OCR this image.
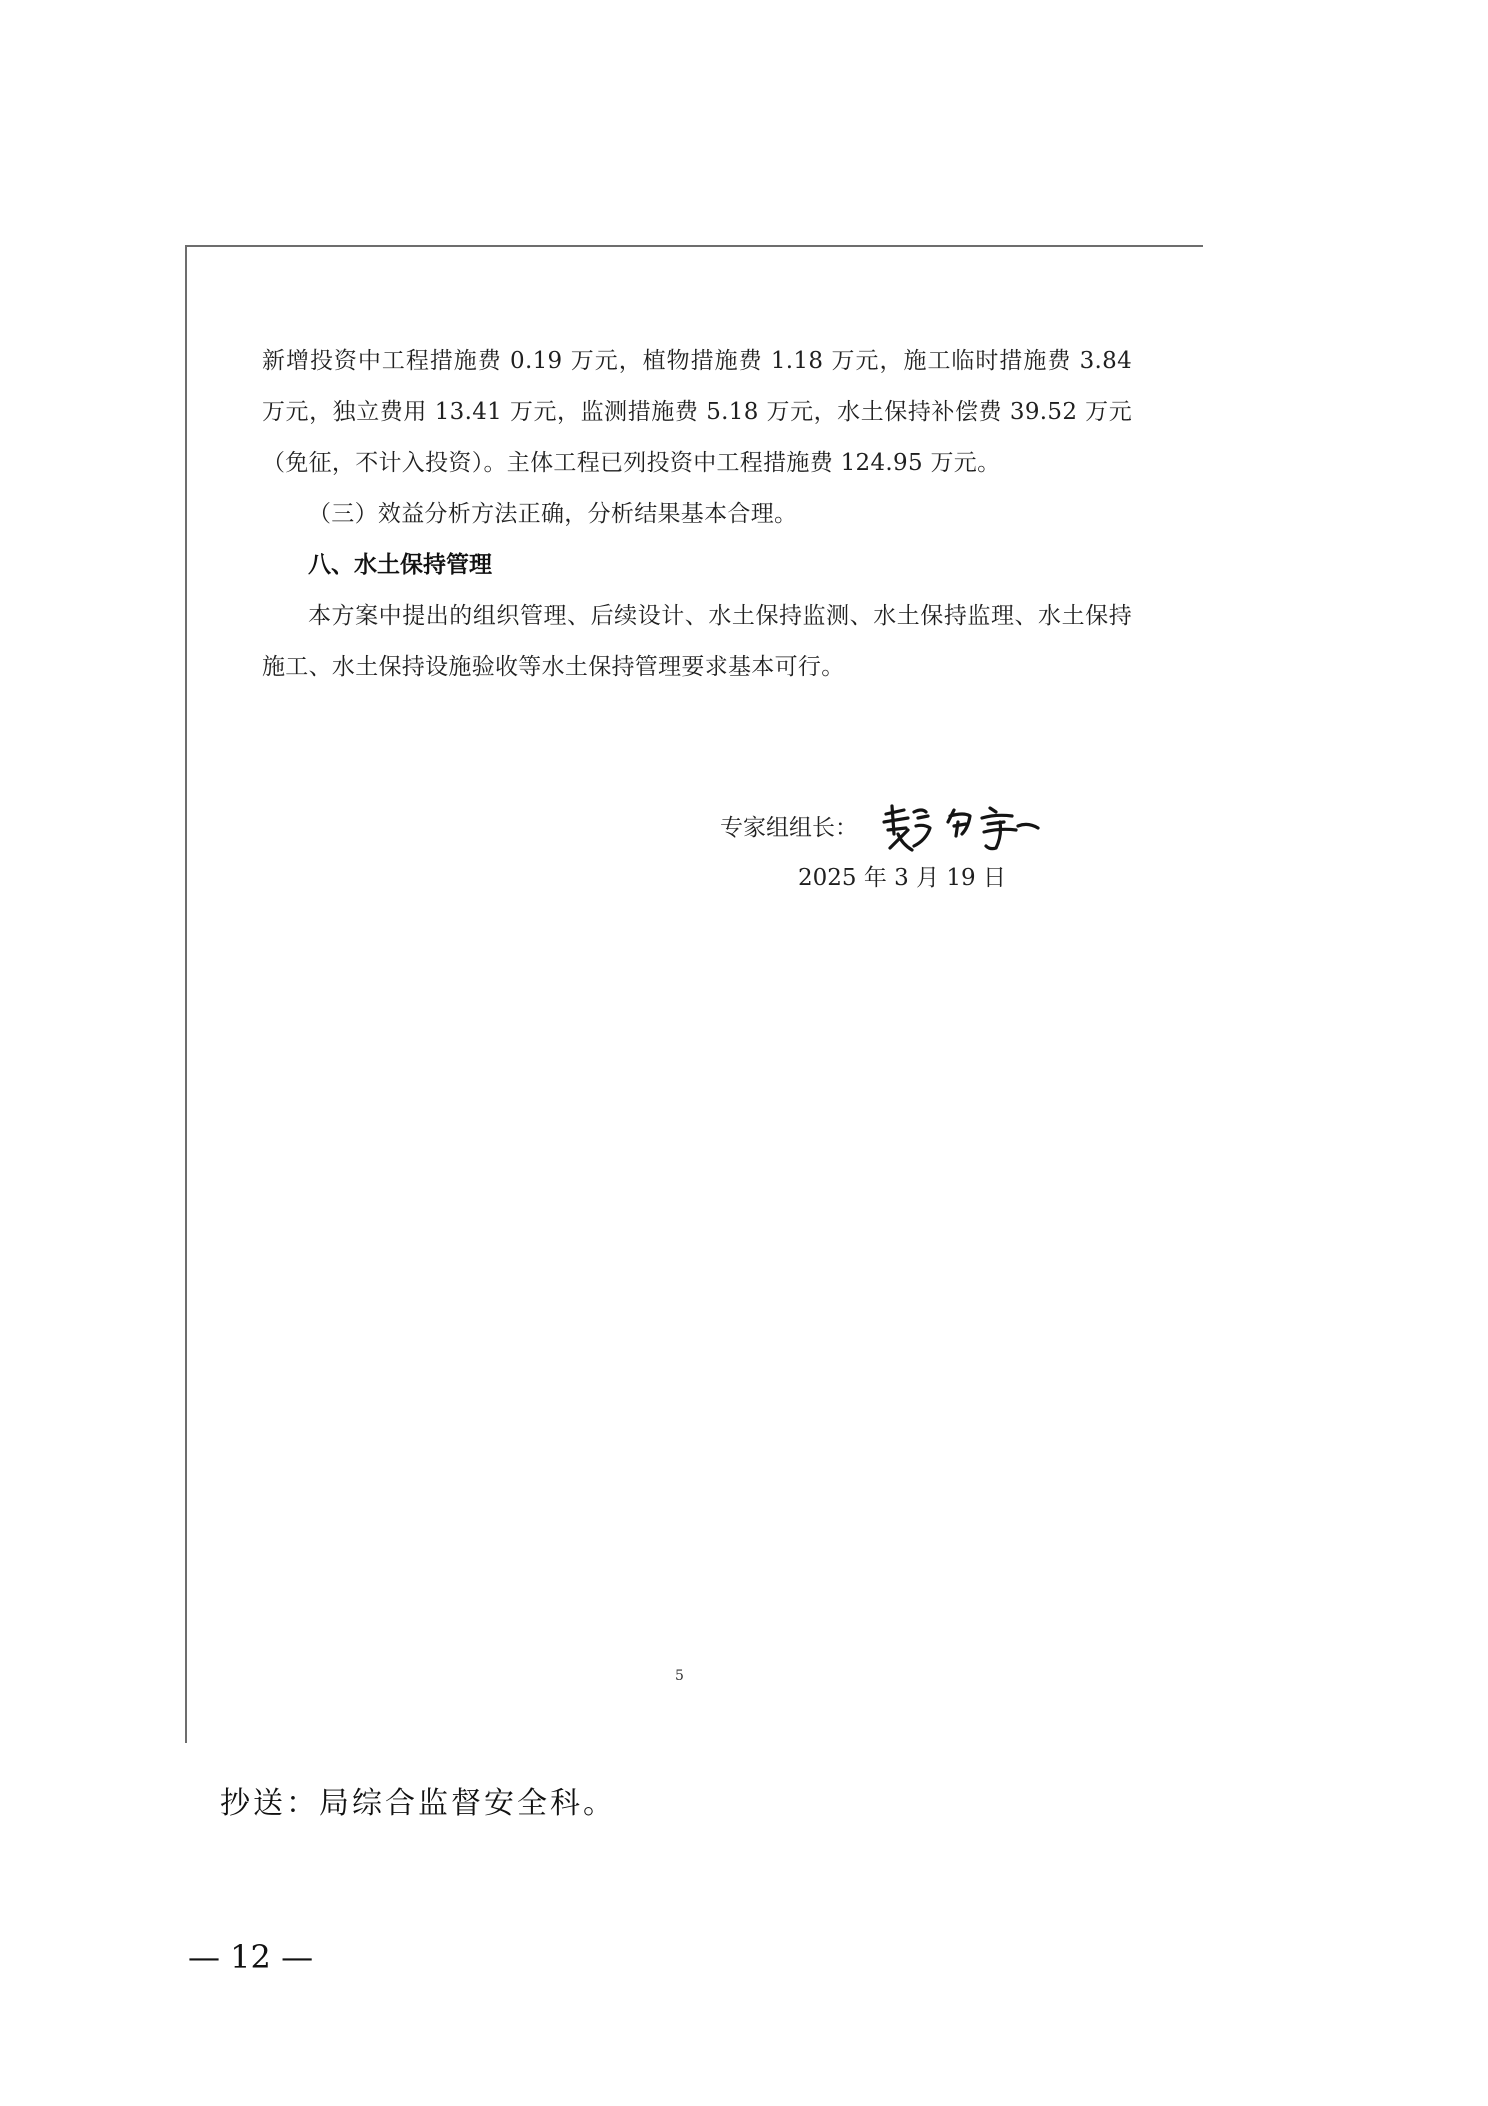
新增投资中工程措施费 0.19 万元，植物措施费 1.18 万元，施工临时措施费 3.84 万元，独立费用 13.41 万元，监测措施费 5.18 万元，水土保持补偿费 39.52 万元（免征，不计入投资）。主体工程已列投资中工程措施费 124.95 万元。

（三）效益分析方法正确，分析结果基本合理。

八、水土保持管理

本方案中提出的组织管理、后续设计、水土保持监测、水土保持监理、水土保持施工、水土保持设施验收等水土保持管理要求基本可行。

专家组组长：
2025 年 3 月 19 日
5
抄送：局综合监督安全科。
— 12 —
